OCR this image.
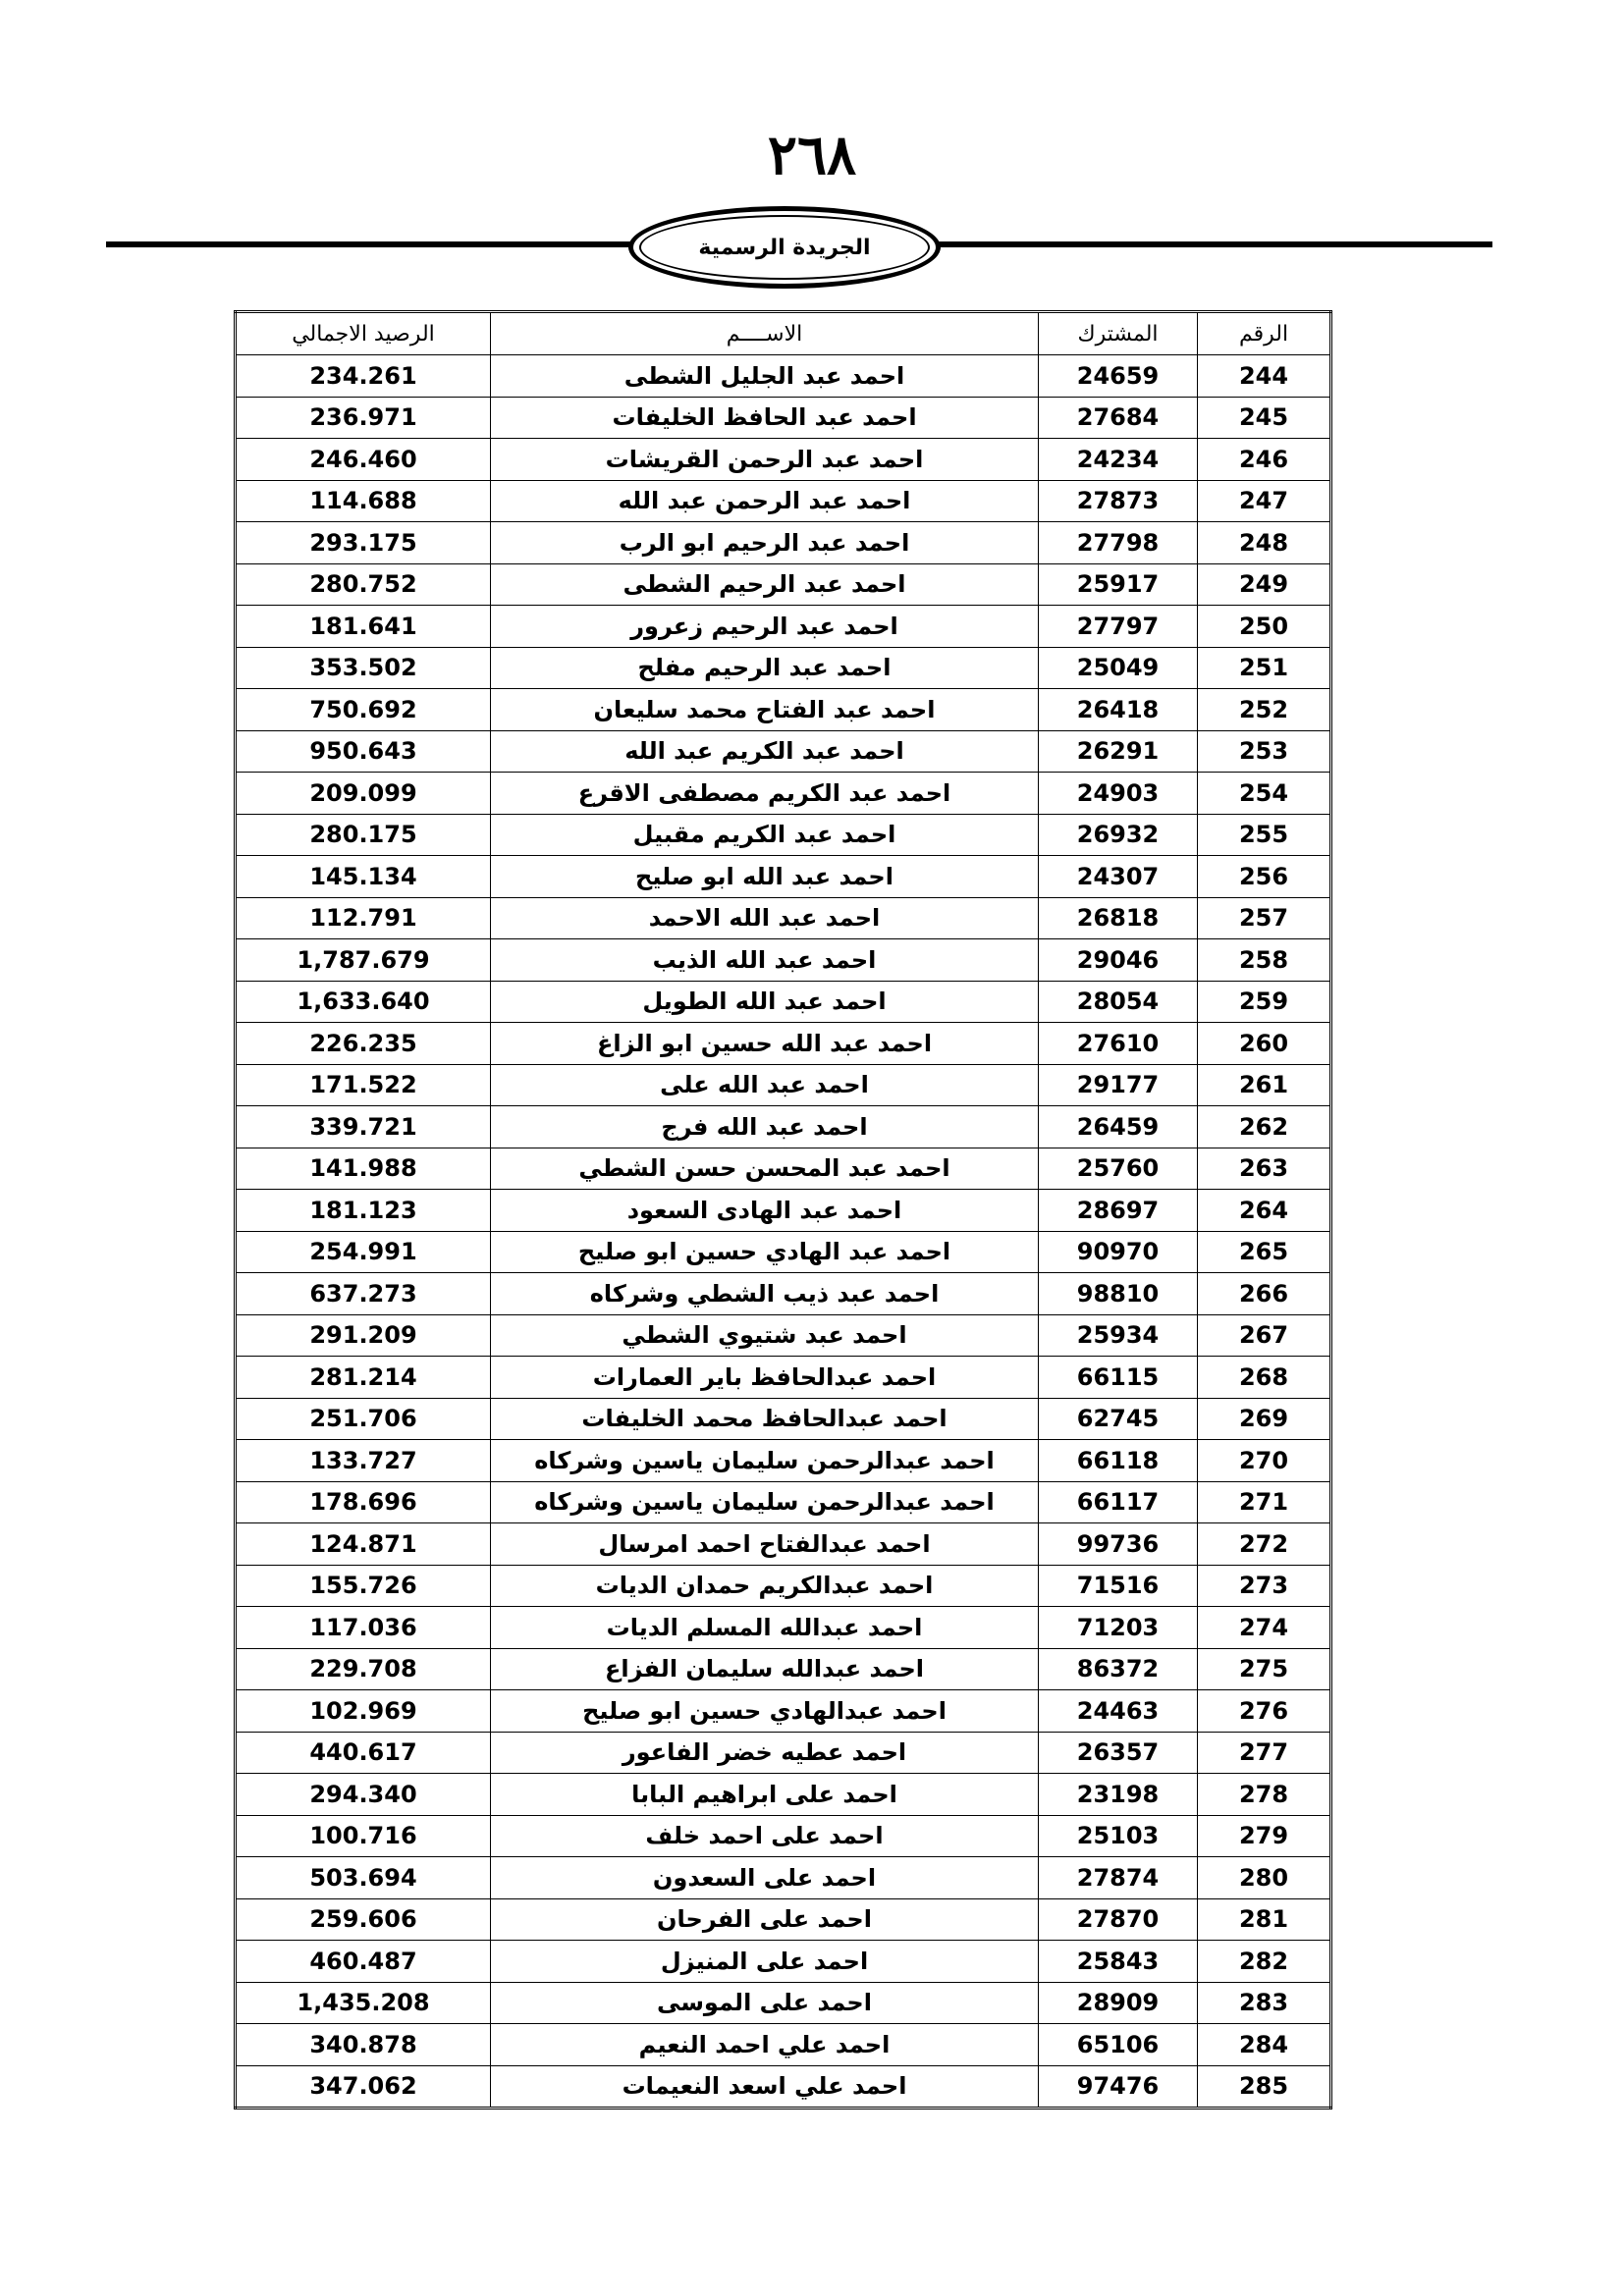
٢٦٨
الجريدة الرسمية
الرقم	المشترك	الاســــم	الرصيد الاجمالي
244	24659	احمد عبد الجليل الشطى	234.261
245	27684	احمد عبد الحافظ الخليفات	236.971
246	24234	احمد عبد الرحمن القريشات	246.460
247	27873	احمد عبد الرحمن عبد الله	114.688
248	27798	احمد عبد الرحيم ابو الرب	293.175
249	25917	احمد عبد الرحيم الشطى	280.752
250	27797	احمد عبد الرحيم زعرور	181.641
251	25049	احمد عبد الرحيم مفلح	353.502
252	26418	احمد عبد الفتاح محمد سليعان	750.692
253	26291	احمد عبد الكريم عبد الله	950.643
254	24903	احمد عبد الكريم مصطفى الاقرع	209.099
255	26932	احمد عبد الكريم مقبيل	280.175
256	24307	احمد عبد الله ابو صليح	145.134
257	26818	احمد عبد الله الاحمد	112.791
258	29046	احمد عبد الله الذيب	1,787.679
259	28054	احمد عبد الله الطويل	1,633.640
260	27610	احمد عبد الله حسين ابو الزاغ	226.235
261	29177	احمد عبد الله على	171.522
262	26459	احمد عبد الله فرج	339.721
263	25760	احمد عبد المحسن حسن الشطي	141.988
264	28697	احمد عبد الهادى السعود	181.123
265	90970	احمد عبد الهادي حسين ابو صليح	254.991
266	98810	احمد عبد ذيب الشطي وشركاه	637.273
267	25934	احمد عبد شتيوي الشطي	291.209
268	66115	احمد عبدالحافظ باير العمارات	281.214
269	62745	احمد عبدالحافظ محمد الخليفات	251.706
270	66118	احمد عبدالرحمن سليمان ياسين وشركاه	133.727
271	66117	احمد عبدالرحمن سليمان ياسين وشركاه	178.696
272	99736	احمد عبدالفتاح احمد امرسال	124.871
273	71516	احمد عبدالكريم حمدان الديات	155.726
274	71203	احمد عبدالله المسلم الديات	117.036
275	86372	احمد عبدالله سليمان الفزاع	229.708
276	24463	احمد عبدالهادي حسين ابو صليح	102.969
277	26357	احمد عطيه خضر الفاعور	440.617
278	23198	احمد على ابراهيم البابا	294.340
279	25103	احمد على احمد خلف	100.716
280	27874	احمد على السعدون	503.694
281	27870	احمد على الفرحان	259.606
282	25843	احمد على المنيزل	460.487
283	28909	احمد على الموسى	1,435.208
284	65106	احمد علي احمد النعيم	340.878
285	97476	احمد علي اسعد النعيمات	347.062
